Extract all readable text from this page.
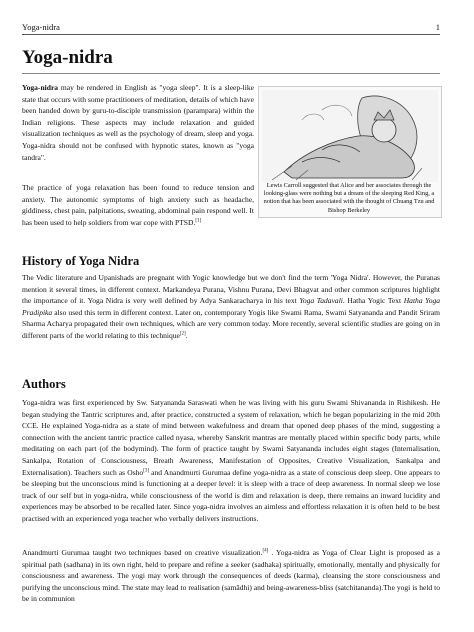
Yoga-nidra	1
Yoga-nidra

Yoga-nidra may be rendered in English as "yoga sleep". It is a sleep-like state that occurs with some practitioners of meditation, details of which have been handed down by guru-to-disciple transmission (parampara) within the Indian religions. These aspects may include relaxation and guided visualization techniques as well as the psychology of dream, sleep and yoga. Yoga-nidra should not be confused with hypnotic states, known as "yoga tandra".

The practice of yoga relaxation has been found to reduce tension and anxiety. The autonomic symptoms of high anxiety such as headache, giddiness, chest pain, palpitations, sweating, abdominal pain respond well. It has been used to help soldiers from war cope with PTSD.[1]

Lewis Carroll suggested that Alice and her associates through the looking-glass were nothing but a dream of the sleeping Red King, a notion that has been associated with the thought of Chuang Tzu and Bishop Berkeley

History of Yoga Nidra

The Vedic literature and Upanishads are pregnant with Yogic knowledge but we don't find the term 'Yoga Nidra'. However, the Puranas mention it several times, in different context. Markandeya Purana, Vishnu Purana, Devi Bhagvat and other common scriptures highlight the importance of it. Yoga Nidra is very well defined by Adya Sankaracharya in his text Yoga Tadavali. Hatha Yogic Text Hatha Yoga Pradipika also used this term in different context. Later on, contemporary Yogis like Swami Rama, Swami Satyananda and Pandit Sriram Sharma Acharya propagated their own techniques, which are very common today. More recently, several scientific studies are going on in different parts of the world relating to this technique[2].

Authors

Yoga-nidra was first experienced by Sw. Satyananda Saraswati when he was living with his guru Swami Shivananda in Rishikesh. He began studying the Tantric scriptures and, after practice, constructed a system of relaxation, which he began popularizing in the mid 20th CCE. He explained Yoga-nidra as a state of mind between wakefulness and dream that opened deep phases of the mind, suggesting a connection with the ancient tantric practice called nyasa, whereby Sanskrit mantras are mentally placed within specific body parts, while meditating on each part (of the bodymind). The form of practice taught by Swami Satyananda includes eight stages (Internalisation, Sankalpa, Rotation of Consciousness, Breath Awareness, Manifestation of Opposites, Creative Visualization, Sankalpa and Externalisation). Teachers such as Osho[3] and Anandmurti Gurumaa define yoga-nidra as a state of conscious deep sleep. One appears to be sleeping but the unconscious mind is functioning at a deeper level: it is sleep with a trace of deep awareness. In normal sleep we lose track of our self but in yoga-nidra, while consciousness of the world is dim and relaxation is deep, there remains an inward lucidity and experiences may be absorbed to be recalled later. Since yoga-nidra involves an aimless and effortless relaxation it is often held to be best practised with an experienced yoga teacher who verbally delivers instructions.

Anandmurti Gurumaa taught two techniques based on creative visualization.[4] . Yoga-nidra as Yoga of Clear Light is proposed as a spiritual path (sadhana) in its own right, held to prepare and refine a seeker (sadhaka) spiritually, emotionally, mentally and physically for consciousness and awareness. The yogi may work through the consequences of deeds (karma), cleansing the store consciousness and purifying the unconscious mind. The state may lead to realisation (samādhi) and being-awareness-bliss (satchitananda).The yogi is held to be in communion
